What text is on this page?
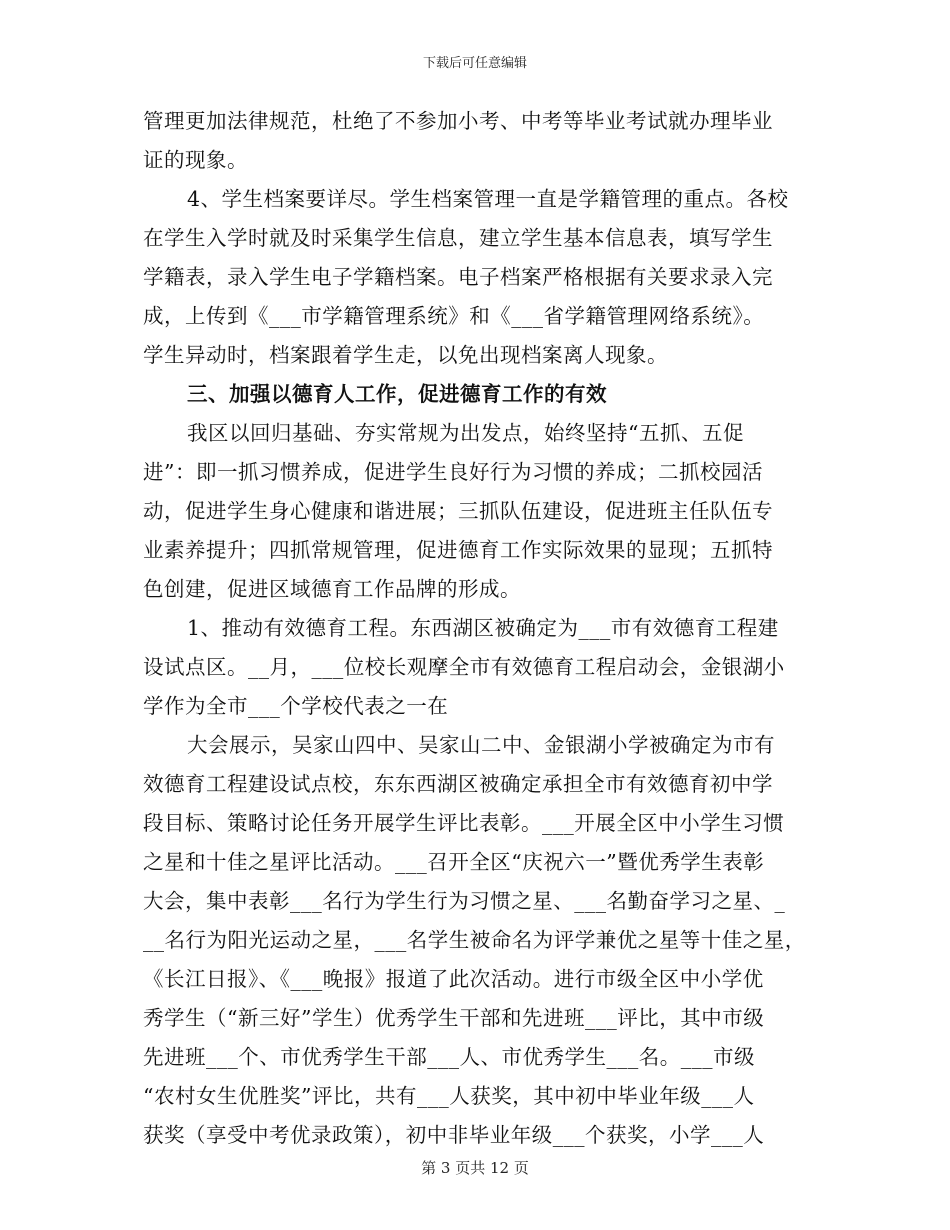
下载后可任意编辑
管理更加法律规范，杜绝了不参加小考、中考等毕业考试就办理毕业
证的现象。
4、学生档案要详尽。学生档案管理一直是学籍管理的重点。各校
在学生入学时就及时采集学生信息，建立学生基本信息表，填写学生
学籍表，录入学生电子学籍档案。电子档案严格根据有关要求录入完
成，上传到《___市学籍管理系统》和《___省学籍管理网络系统》。
学生异动时，档案跟着学生走，以免出现档案离人现象。
三、加强以德育人工作，促进德育工作的有效
我区以回归基础、夯实常规为出发点，始终坚持“五抓、五促
进”：即一抓习惯养成，促进学生良好行为习惯的养成；二抓校园活
动，促进学生身心健康和谐进展；三抓队伍建设，促进班主任队伍专
业素养提升；四抓常规管理，促进德育工作实际效果的显现；五抓特
色创建，促进区域德育工作品牌的形成。
1、推动有效德育工程。东西湖区被确定为___市有效德育工程建
设试点区。__月，___位校长观摩全市有效德育工程启动会，金银湖小
学作为全市___个学校代表之一在
大会展示，吴家山四中、吴家山二中、金银湖小学被确定为市有
效德育工程建设试点校，东东西湖区被确定承担全市有效德育初中学
段目标、策略讨论任务开展学生评比表彰。___开展全区中小学生习惯
之星和十佳之星评比活动。___召开全区“庆祝六一”暨优秀学生表彰
大会，集中表彰___名行为学生行为习惯之星、___名勤奋学习之星、_
__名行为阳光运动之星，___名学生被命名为评学兼优之星等十佳之星，
《长江日报》、《___晚报》报道了此次活动。进行市级全区中小学优
秀学生（“新三好”学生）优秀学生干部和先进班___评比，其中市级
先进班___个、市优秀学生干部___人、市优秀学生___名。___市级
“农村女生优胜奖”评比，共有___人获奖，其中初中毕业年级___人
获奖（享受中考优录政策），初中非毕业年级___个获奖，小学___人
第 3 页共 12 页
